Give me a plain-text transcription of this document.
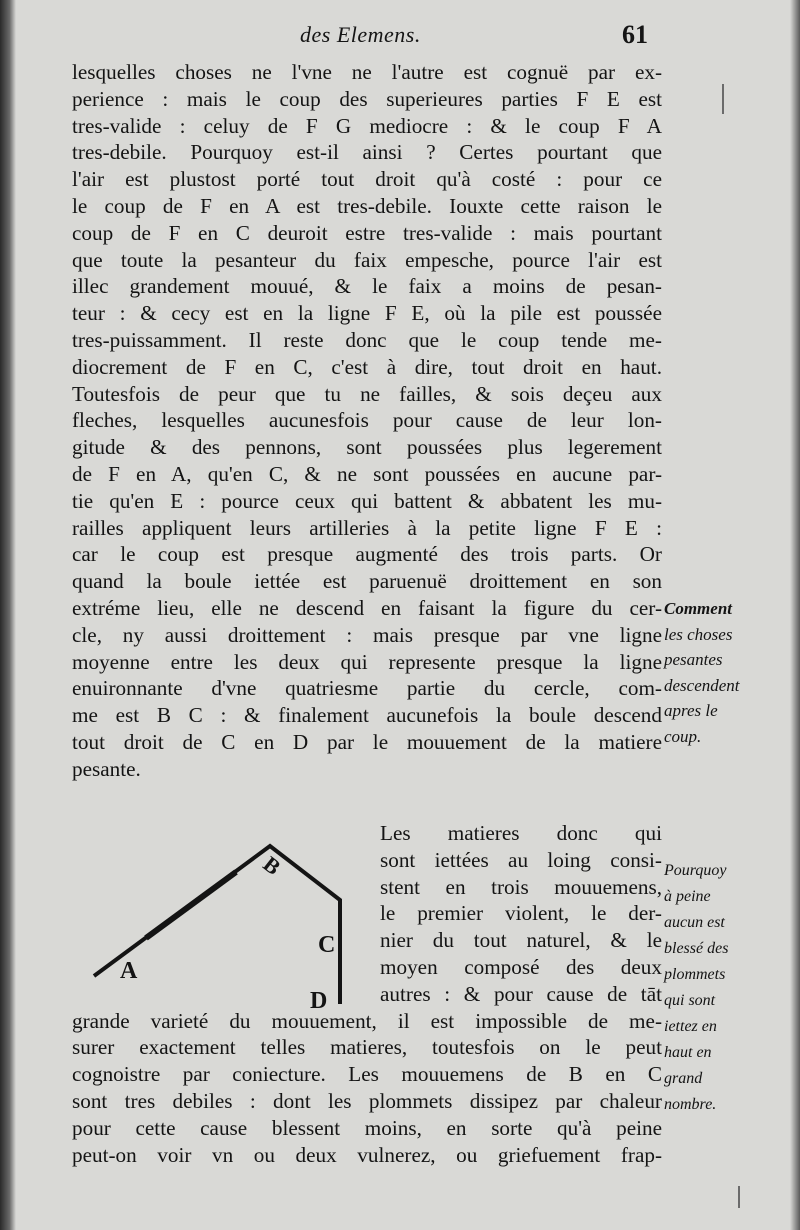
des Elemens.	61
lesquelles choses ne l'vne ne l'autre est cognuë par ex-
perience : mais le coup des superieures parties F E est
tres-valide : celuy de F G mediocre : & le coup F A
tres-debile. Pourquoy est-il ainsi ? Certes pourtant que
l'air est plustost porté tout droit qu'à costé : pour ce
le coup de F en A est tres-debile. Iouxte cette raison le
coup de F en C deuroit estre tres-valide : mais pourtant
que toute la pesanteur du faix empesche, pource l'air est
illec grandement mouué, & le faix a moins de pesan-
teur : & cecy est en la ligne F E, où la pile est poussée
tres-puissamment. Il reste donc que le coup tende me-
diocrement de F en C, c'est à dire, tout droit en haut.
Toutesfois de peur que tu ne failles, & sois deçeu aux
fleches, lesquelles aucunesfois pour cause de leur lon-
gitude & des pennons, sont poussées plus legerement
de F en A, qu'en C, & ne sont poussées en aucune par-
tie qu'en E : pource ceux qui battent & abbatent les mu-
railles appliquent leurs artilleries à la petite ligne F E :
car le coup est presque augmenté des trois parts. Or
quand la boule iettée est paruenuë droittement en son
extréme lieu, elle ne descend en faisant la figure du cer-
cle, ny aussi droittement : mais presque par vne ligne
moyenne entre les deux qui represente presque la ligne
enuironnante d'vne quatriesme partie du cercle, com-
me est B C : & finalement aucunefois la boule descend
tout droit de C en D par le mouuement de la matiere
pesante.
A
B
C
D
Les matieres donc qui
sont iettées au loing consi-
stent en trois mouuemens,
le premier violent, le der-
nier du tout naturel, & le
moyen composé des deux
autres : & pour cause de tāt
grande varieté du mouuement, il est impossible de me-
surer exactement telles matieres, toutesfois on le peut
cognoistre par coniecture. Les mouuemens de B en C
sont tres debiles : dont les plommets dissipez par chaleur
pour cette cause blessent moins, en sorte qu'à peine
peut-on voir vn ou deux vulnerez, ou griefuement frap-
Comment
les choses
pesantes
descendent
apres le
coup.
Pourquoy
à peine
aucun est
blessé des
plommets
qui sont
iettez en
haut en
grand
nombre.
